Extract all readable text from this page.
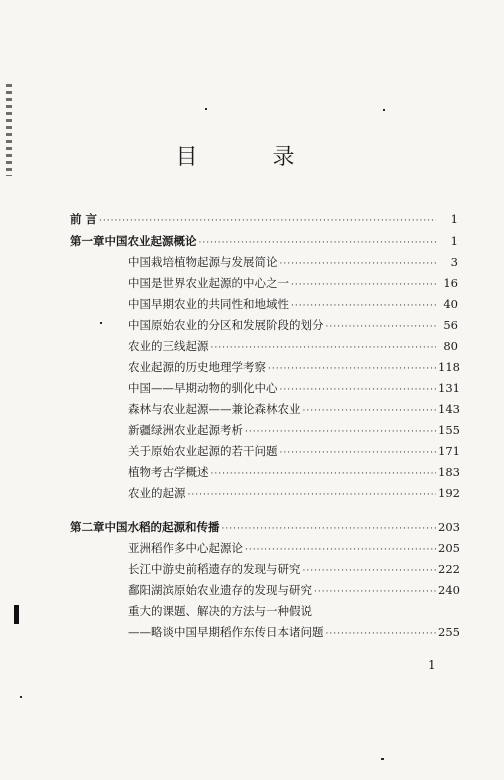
目 录
前 言 ·····	1
第一章 中国农业起源概论 ·····	1
中国栽培植物起源与发展简论 ·····	3
中国是世界农业起源的中心之一 ·····	16
中国早期农业的共同性和地域性 ·····	40
中国原始农业的分区和发展阶段的划分 ·····	56
农业的三线起源 ·····	80
农业起源的历史地理学考察 ·····	118
中国——早期动物的驯化中心 ·····	131
森林与农业起源——兼论森林农业 ·····	143
新疆绿洲农业起源考析 ·····	155
关于原始农业起源的若干问题 ·····	171
植物考古学概述 ·····	183
农业的起源 ·····	192
第二章 中国水稻的起源和传播 ·····	203
亚洲稻作多中心起源论 ·····	205
长江中游史前稻遗存的发现与研究 ·····	222
鄱阳湖滨原始农业遗存的发现与研究 ·····	240
重大的课题、解决的方法与一种假说
——略谈中国早期稻作东传日本诸问题 ·····	255
1
